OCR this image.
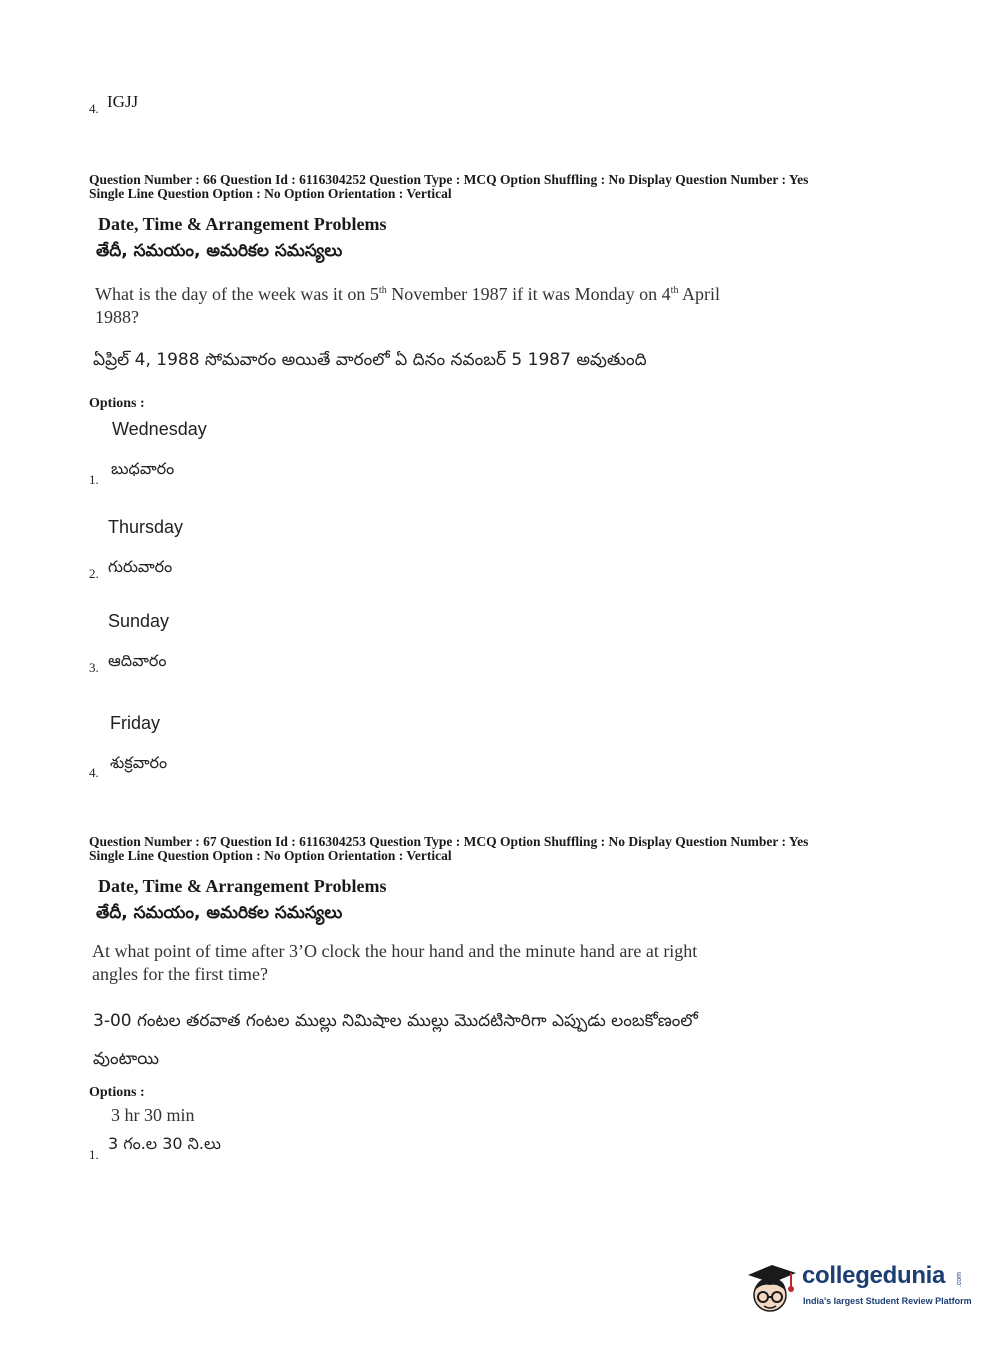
4. IGJJ
Question Number : 66 Question Id : 6116304252 Question Type : MCQ Option Shuffling : No Display Question Number : Yes
Single Line Question Option : No Option Orientation : Vertical
Date, Time & Arrangement Problems
తేదీ, సమయం, అమరికల సమస్యలు
What is the day of the week was it on 5th November 1987 if it was Monday on 4th April
1988?
ఏప్రిల్ 4, 1988 సోమవారం అయితే వారంలో ఏ దినం నవంబర్ 5 1987 అవుతుంది
Options :
Wednesday
బుధవారం
1.
Thursday
గురువారం
2.
Sunday
ఆదివారం
3.
Friday
శుక్రవారం
4.
Question Number : 67 Question Id : 6116304253 Question Type : MCQ Option Shuffling : No Display Question Number : Yes
Single Line Question Option : No Option Orientation : Vertical
Date, Time & Arrangement Problems
తేదీ, సమయం, అమరికల సమస్యలు
At what point of time after 3’O clock the hour hand and the minute hand are at right
angles for the first time?
3-00 గంటల తరవాత గంటల ముల్లు నిమిషాల ముల్లు మొదటిసారిగా ఎప్పుడు లంబకోణంలో
వుంటాయి
Options :
3 hr 30 min
3 గం.ల 30 ని.లు
1.
collegedunia .com
India's largest Student Review Platform
